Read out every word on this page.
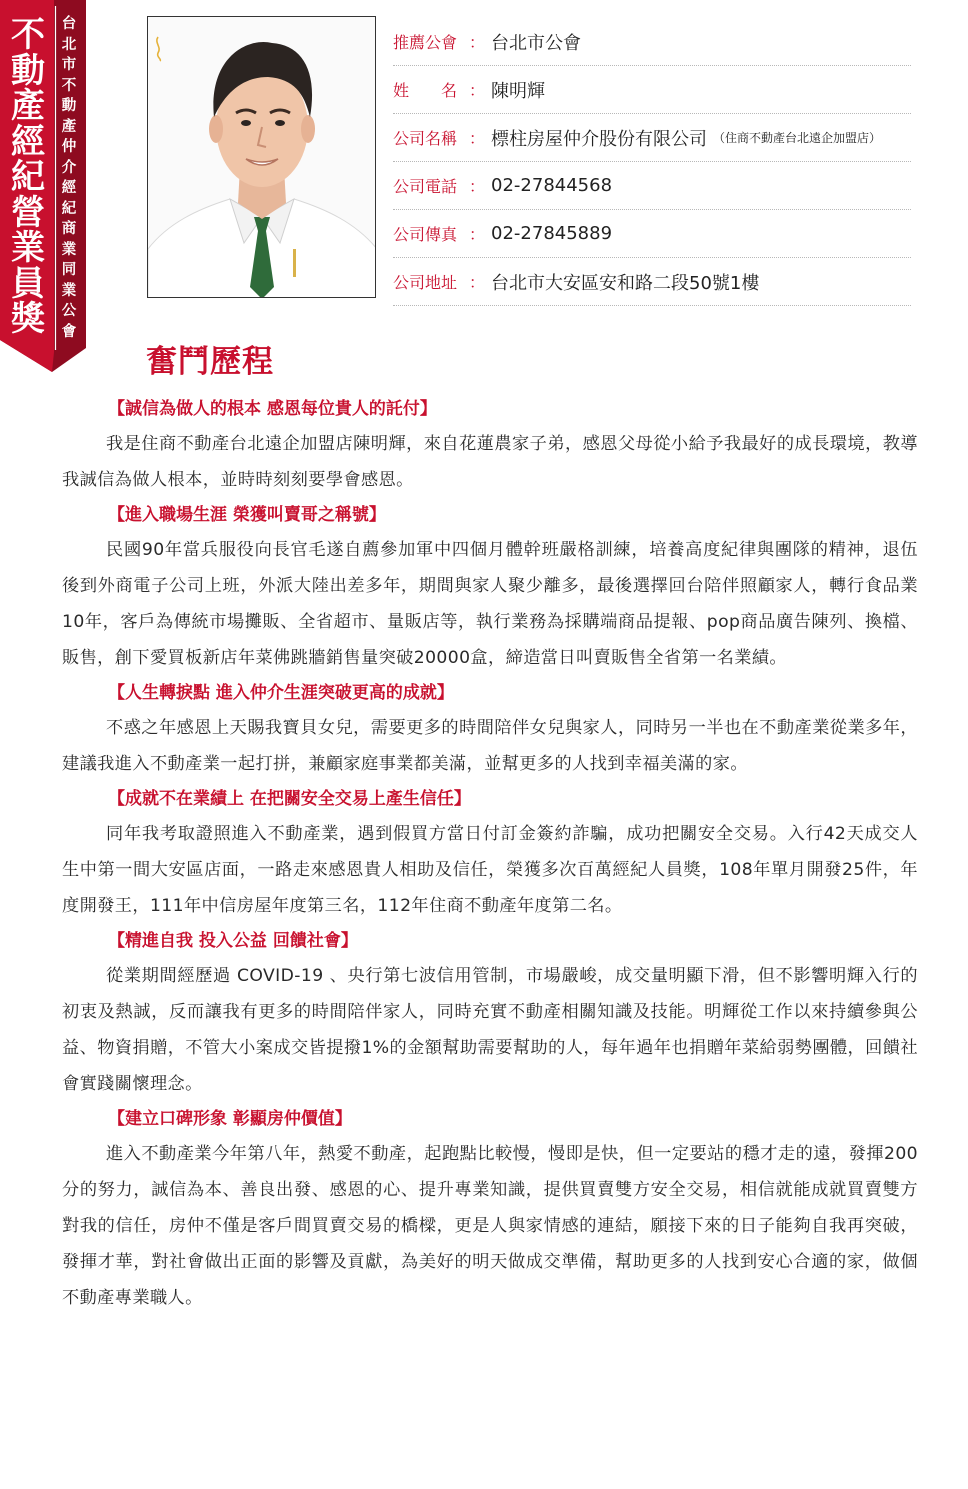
不動產經紀營業員獎
台北市不動產仲介經紀商業同業公會
推薦公會 ： 台北市公會
姓　　名 ： 陳明輝
公司名稱 ： 標柱房屋仲介股份有限公司 （住商不動產台北遠企加盟店）
公司電話 ： 02-27844568
公司傳真 ： 02-27845889
公司地址 ： 台北市大安區安和路二段50號1樓
奮鬥歷程
【誠信為做人的根本 感恩每位貴人的託付】

我是住商不動產台北遠企加盟店陳明輝，來自花蓮農家子弟，感恩父母從小給予我最好的成長環境，教導我誠信為做人根本，並時時刻刻要學會感恩。

【進入職場生涯 榮獲叫賣哥之稱號】

民國90年當兵服役向長官毛遂自薦參加軍中四個月體幹班嚴格訓練，培養高度紀律與團隊的精神，退伍後到外商電子公司上班，外派大陸出差多年，期間與家人聚少離多，最後選擇回台陪伴照顧家人，轉行食品業10年，客戶為傳統市場攤販、全省超市、量販店等，執行業務為採購端商品提報、pop商品廣告陳列、換檔、販售，創下愛買板新店年菜佛跳牆銷售量突破20000盒，締造當日叫賣販售全省第一名業績。

【人生轉捩點 進入仲介生涯突破更高的成就】

不惑之年感恩上天賜我寶貝女兒，需要更多的時間陪伴女兒與家人，同時另一半也在不動產業從業多年，建議我進入不動產業一起打拼，兼顧家庭事業都美滿，並幫更多的人找到幸福美滿的家。

【成就不在業績上 在把關安全交易上產生信任】

同年我考取證照進入不動產業，遇到假買方當日付訂金簽約詐騙，成功把關安全交易。入行42天成交人生中第一間大安區店面，一路走來感恩貴人相助及信任，榮獲多次百萬經紀人員獎，108年單月開發25件，年度開發王，111年中信房屋年度第三名，112年住商不動產年度第二名。

【精進自我 投入公益 回饋社會】

從業期間經歷過 COVID-19 、央行第七波信用管制，市場嚴峻，成交量明顯下滑，但不影響明輝入行的初衷及熱誠，反而讓我有更多的時間陪伴家人，同時充實不動產相關知識及技能。明輝從工作以來持續參與公益、物資捐贈，不管大小案成交皆提撥1%的金額幫助需要幫助的人，每年過年也捐贈年菜給弱勢團體，回饋社會實踐關懷理念。

【建立口碑形象 彰顯房仲價值】

進入不動產業今年第八年，熱愛不動產，起跑點比較慢，慢即是快，但一定要站的穩才走的遠，發揮200分的努力，誠信為本、善良出發、感恩的心、提升專業知識，提供買賣雙方安全交易，相信就能成就買賣雙方對我的信任，房仲不僅是客戶間買賣交易的橋樑，更是人與家情感的連結，願接下來的日子能夠自我再突破，發揮才華，對社會做出正面的影響及貢獻，為美好的明天做成交準備，幫助更多的人找到安心合適的家，做個不動產專業職人。
